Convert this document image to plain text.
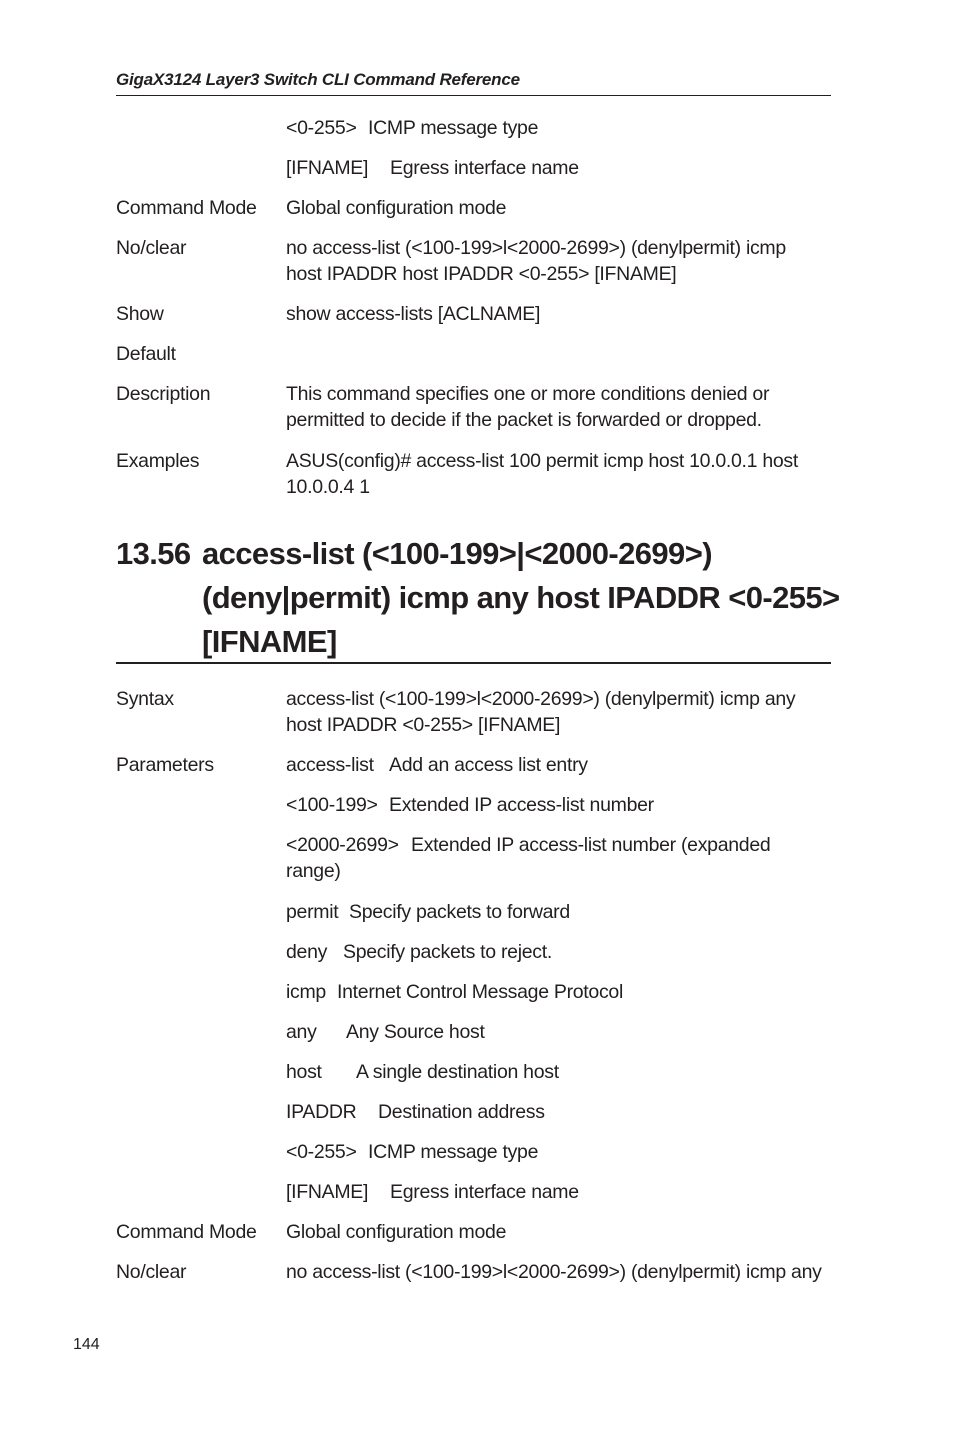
GigaX3124 Layer3 Switch CLI Command Reference
<0-255> ICMP message type
[IFNAME] Egress interface name
Command Mode	Global configuration mode
No/clear	no access-list (<100-199>l<2000-2699>) (denylpermit) icmp
host IPADDR host IPADDR <0-255> [IFNAME]
Show	show access-lists [ACLNAME]
Default
Description	This command specifies one or more conditions denied or
permitted to decide if the packet is forwarded or dropped.
Examples	ASUS(config)# access-list 100 permit icmp host 10.0.0.1 host
10.0.0.4 1
13.56 access-list (<100-199>|<2000-2699>)
(deny|permit) icmp any host IPADDR <0-255>
[IFNAME]
Syntax	access-list (<100-199>l<2000-2699>) (denylpermit) icmp any
host IPADDR <0-255> [IFNAME]
Parameters	access-list Add an access list entry
<100-199> Extended IP access-list number
<2000-2699> Extended IP access-list number (expanded
range)
permit Specify packets to forward
deny Specify packets to reject.
icmp Internet Control Message Protocol
any Any Source host
host A single destination host
IPADDR Destination address
<0-255> ICMP message type
[IFNAME] Egress interface name
Command Mode	Global configuration mode
No/clear	no access-list (<100-199>l<2000-2699>) (denylpermit) icmp any
144
